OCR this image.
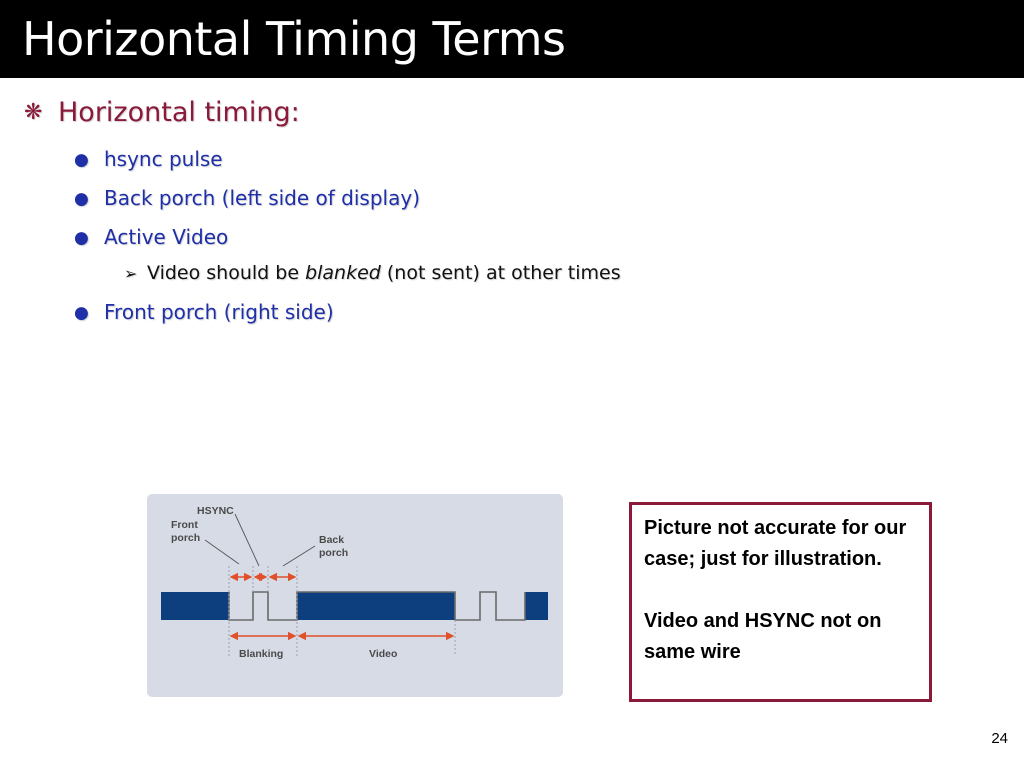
Horizontal Timing Terms
❋ Horizontal timing:
● hsync pulse
● Back porch (left side of display)
● Active Video
➢ Video should be blanked (not sent) at other times
● Front porch (right side)
HSYNC
Front
porch	Back
porch
Blanking	Video

Picture not accurate for our case; just for illustration.

Video and HSYNC not on same wire

24
